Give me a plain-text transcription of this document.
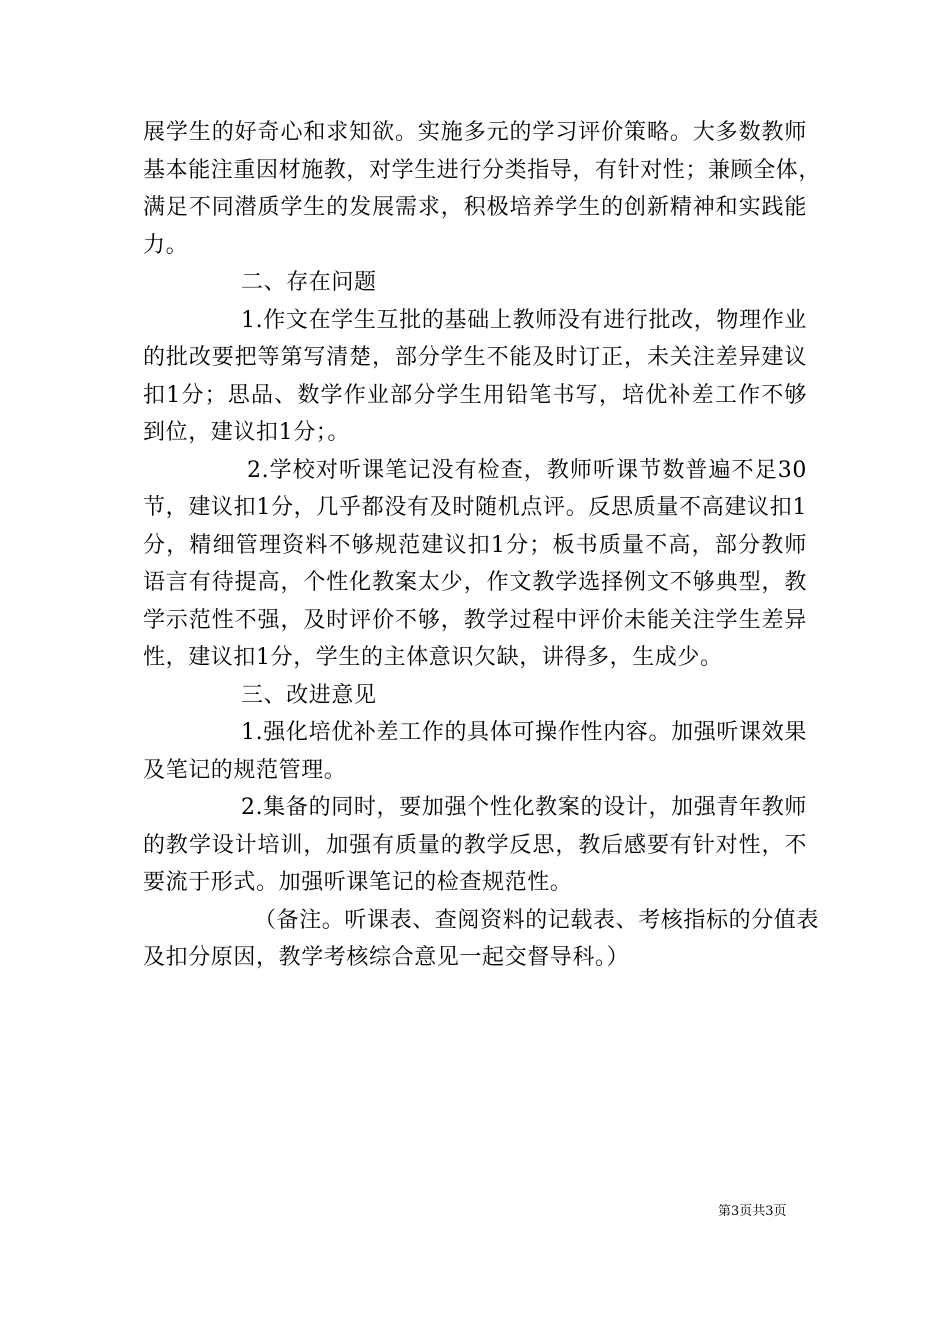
展学生的好奇心和求知欲。实施多元的学习评价策略。大多数教师
基本能注重因材施教，对学生进行分类指导，有针对性；兼顾全体，
满足不同潜质学生的发展需求，积极培养学生的创新精神和实践能
力。
二、存在问题
1.作文在学生互批的基础上教师没有进行批改，物理作业
的批改要把等第写清楚，部分学生不能及时订正，未关注差异建议
扣1分；思品、数学作业部分学生用铅笔书写，培优补差工作不够
到位，建议扣1分；。
2.学校对听课笔记没有检查，教师听课节数普遍不足30
节，建议扣1分，几乎都没有及时随机点评。反思质量不高建议扣1
分，精细管理资料不够规范建议扣1分；板书质量不高，部分教师
语言有待提高，个性化教案太少，作文教学选择例文不够典型，教
学示范性不强，及时评价不够，教学过程中评价未能关注学生差异
性，建议扣1分，学生的主体意识欠缺，讲得多，生成少。
三、改进意见
1.强化培优补差工作的具体可操作性内容。加强听课效果
及笔记的规范管理。
2.集备的同时，要加强个性化教案的设计，加强青年教师
的教学设计培训，加强有质量的教学反思，教后感要有针对性，不
要流于形式。加强听课笔记的检查规范性。
（备注。听课表、查阅资料的记载表、考核指标的分值表
及扣分原因，教学考核综合意见一起交督导科。）
第3页共3页
